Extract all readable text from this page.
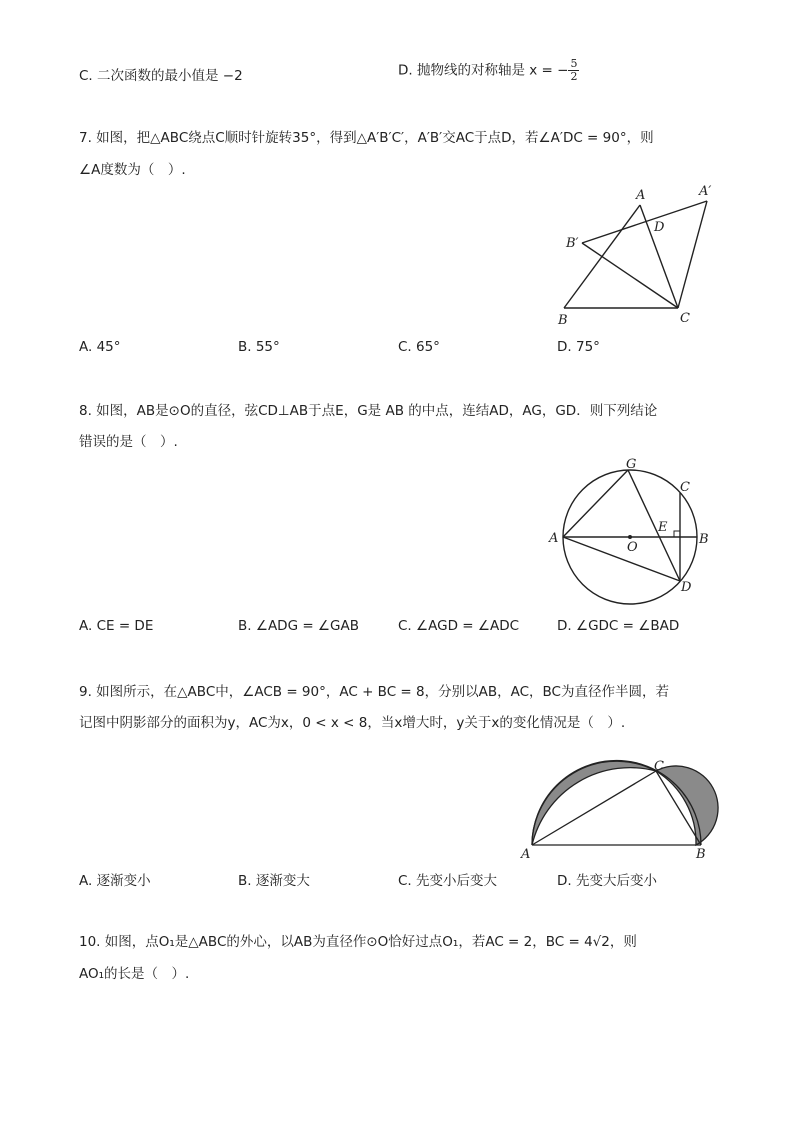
C. 二次函数的最小值是 −2	D. 抛物线的对称轴是 x = − $\frac{5}{2}$
7. 如图，把△ABC绕点C顺时针旋转35°，得到△A′B′C′，A′B′交AC于点D，若∠A′DC = 90°，则
∠A度数为（　）.
A	A′
B′
D
B	C
G
C
A	B
E
O
D
A	B
C
A. 45°	B. 55°	C. 65°	D. 75°
8. 如图，AB是⊙O的直径，弦CD⊥AB于点E，G是 AB 的中点，连结AD，AG，GD．则下列结论
错误的是（　）.
A. CE = DE	B. ∠ADG = ∠GAB	C. ∠AGD = ∠ADC	D. ∠GDC = ∠BAD
9. 如图所示，在△ABC中，∠ACB = 90°，AC + BC = 8，分别以AB，AC，BC为直径作半圆，若
记图中阴影部分的面积为y，AC为x，0 < x < 8，当x增大时，y关于x的变化情况是（　）.
A. 逐渐变小	B. 逐渐变大	C. 先变小后变大	D. 先变大后变小
10. 如图，点O₁是△ABC的外心，以AB为直径作⊙O恰好过点O₁，若AC = 2，BC = 4√2，则
AO₁的长是（　）.
